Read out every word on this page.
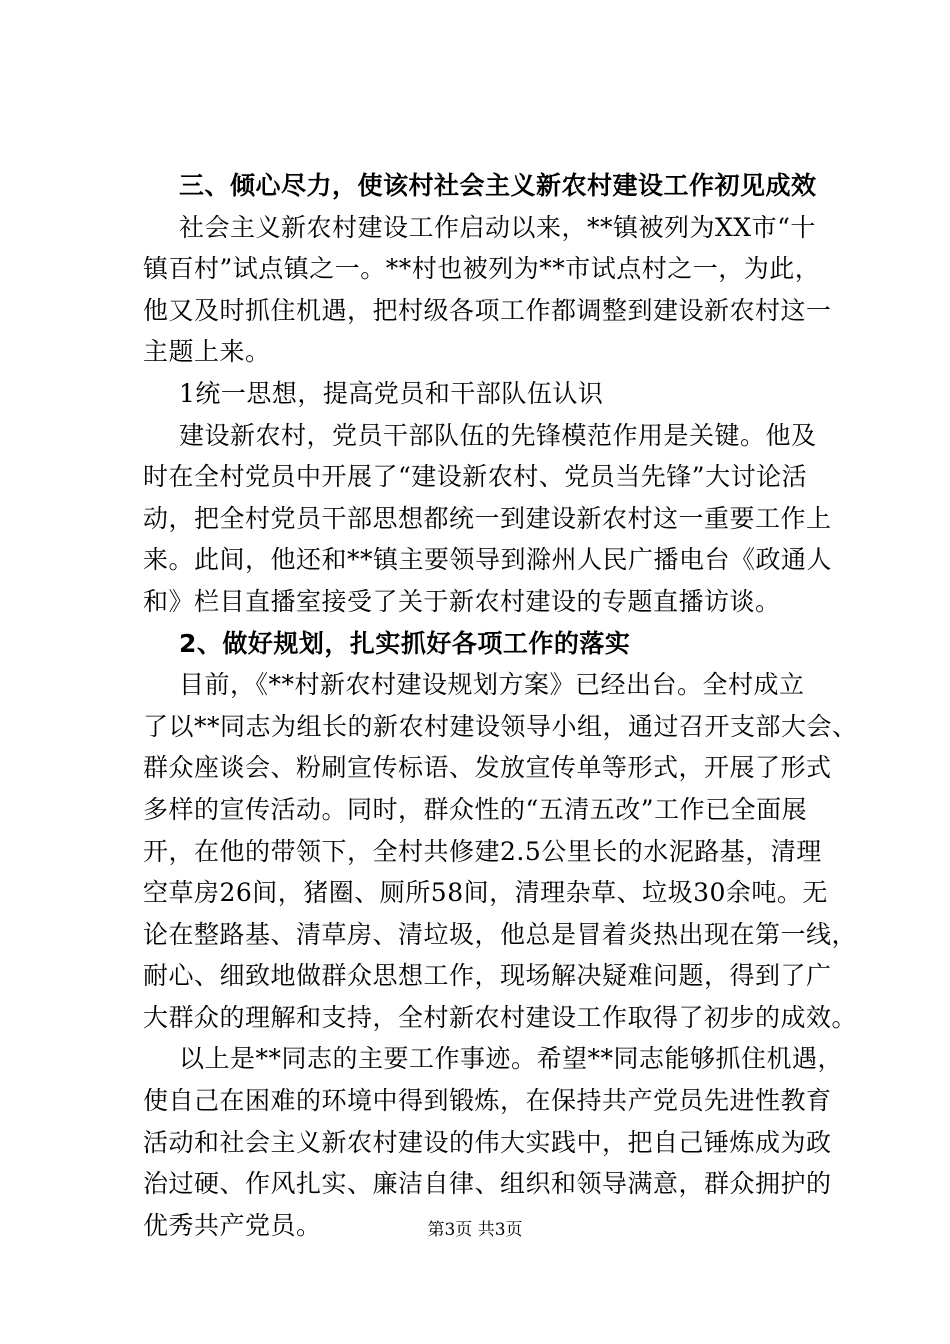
三、倾心尽力，使该村社会主义新农村建设工作初见成效
社会主义新农村建设工作启动以来，**镇被列为XX市“十
镇百村”试点镇之一。**村也被列为**市试点村之一，为此，
他又及时抓住机遇，把村级各项工作都调整到建设新农村这一
主题上来。
1统一思想，提高党员和干部队伍认识
建设新农村，党员干部队伍的先锋模范作用是关键。他及
时在全村党员中开展了“建设新农村、党员当先锋”大讨论活
动，把全村党员干部思想都统一到建设新农村这一重要工作上
来。此间，他还和**镇主要领导到滁州人民广播电台《政通人
和》栏目直播室接受了关于新农村建设的专题直播访谈。
2、做好规划，扎实抓好各项工作的落实
目前，《**村新农村建设规划方案》已经出台。全村成立
了以**同志为组长的新农村建设领导小组，通过召开支部大会、
群众座谈会、粉刷宣传标语、发放宣传单等形式，开展了形式
多样的宣传活动。同时，群众性的“五清五改”工作已全面展
开，在他的带领下，全村共修建2.5公里长的水泥路基，清理
空草房26间，猪圈、厕所58间，清理杂草、垃圾30余吨。无
论在整路基、清草房、清垃圾，他总是冒着炎热出现在第一线，
耐心、细致地做群众思想工作，现场解决疑难问题，得到了广
大群众的理解和支持，全村新农村建设工作取得了初步的成效。
以上是**同志的主要工作事迹。希望**同志能够抓住机遇，
使自己在困难的环境中得到锻炼，在保持共产党员先进性教育
活动和社会主义新农村建设的伟大实践中，把自己锤炼成为政
治过硬、作风扎实、廉洁自律、组织和领导满意，群众拥护的
优秀共产党员。	第3页 共3页
